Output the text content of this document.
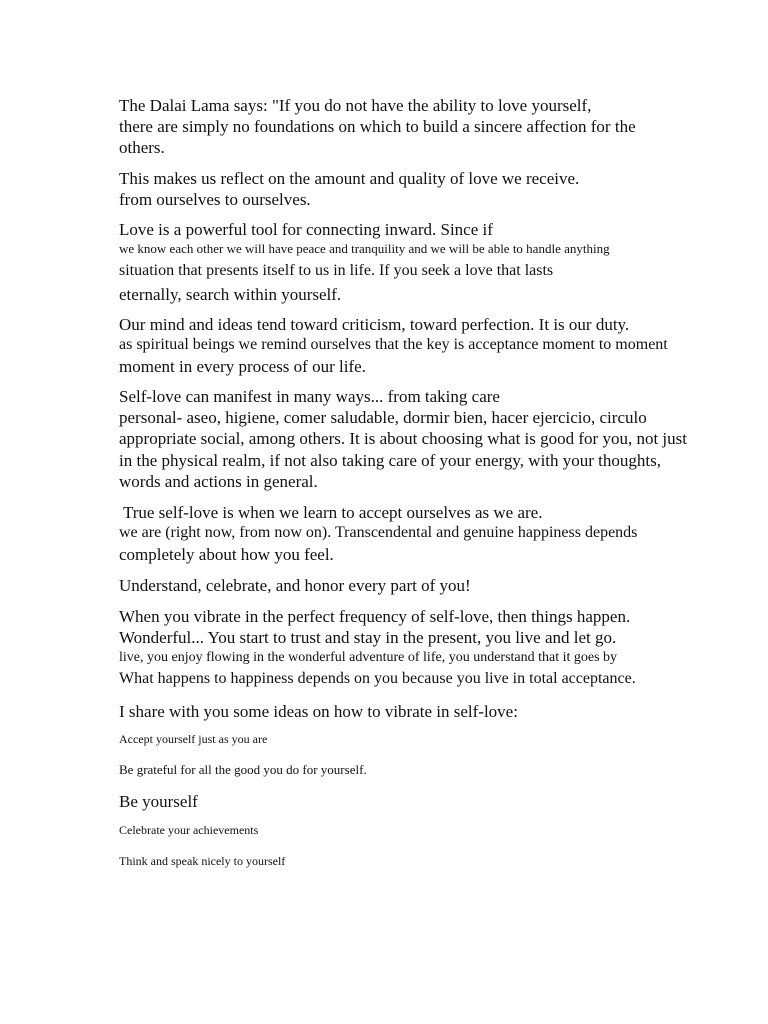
The Dalai Lama says: "If you do not have the ability to love yourself,
there are simply no foundations on which to build a sincere affection for the
others.
This makes us reflect on the amount and quality of love we receive.
from ourselves to ourselves.
Love is a powerful tool for connecting inward. Since if
we know each other we will have peace and tranquility and we will be able to handle anything
situation that presents itself to us in life. If you seek a love that lasts
eternally, search within yourself.
Our mind and ideas tend toward criticism, toward perfection. It is our duty.
as spiritual beings we remind ourselves that the key is acceptance moment to moment
moment in every process of our life.
Self-love can manifest in many ways... from taking care
personal- aseo, higiene, comer saludable, dormir bien, hacer ejercicio, circulo
appropriate social, among others. It is about choosing what is good for you, not just
in the physical realm, if not also taking care of your energy, with your thoughts,
words and actions in general.
True self-love is when we learn to accept ourselves as we are.
we are (right now, from now on). Transcendental and genuine happiness depends
completely about how you feel.
Understand, celebrate, and honor every part of you!
When you vibrate in the perfect frequency of self-love, then things happen.
Wonderful... You start to trust and stay in the present, you live and let go.
live, you enjoy flowing in the wonderful adventure of life, you understand that it goes by
What happens to happiness depends on you because you live in total acceptance.
I share with you some ideas on how to vibrate in self-love:
Accept yourself just as you are
Be grateful for all the good you do for yourself.
Be yourself
Celebrate your achievements
Think and speak nicely to yourself
